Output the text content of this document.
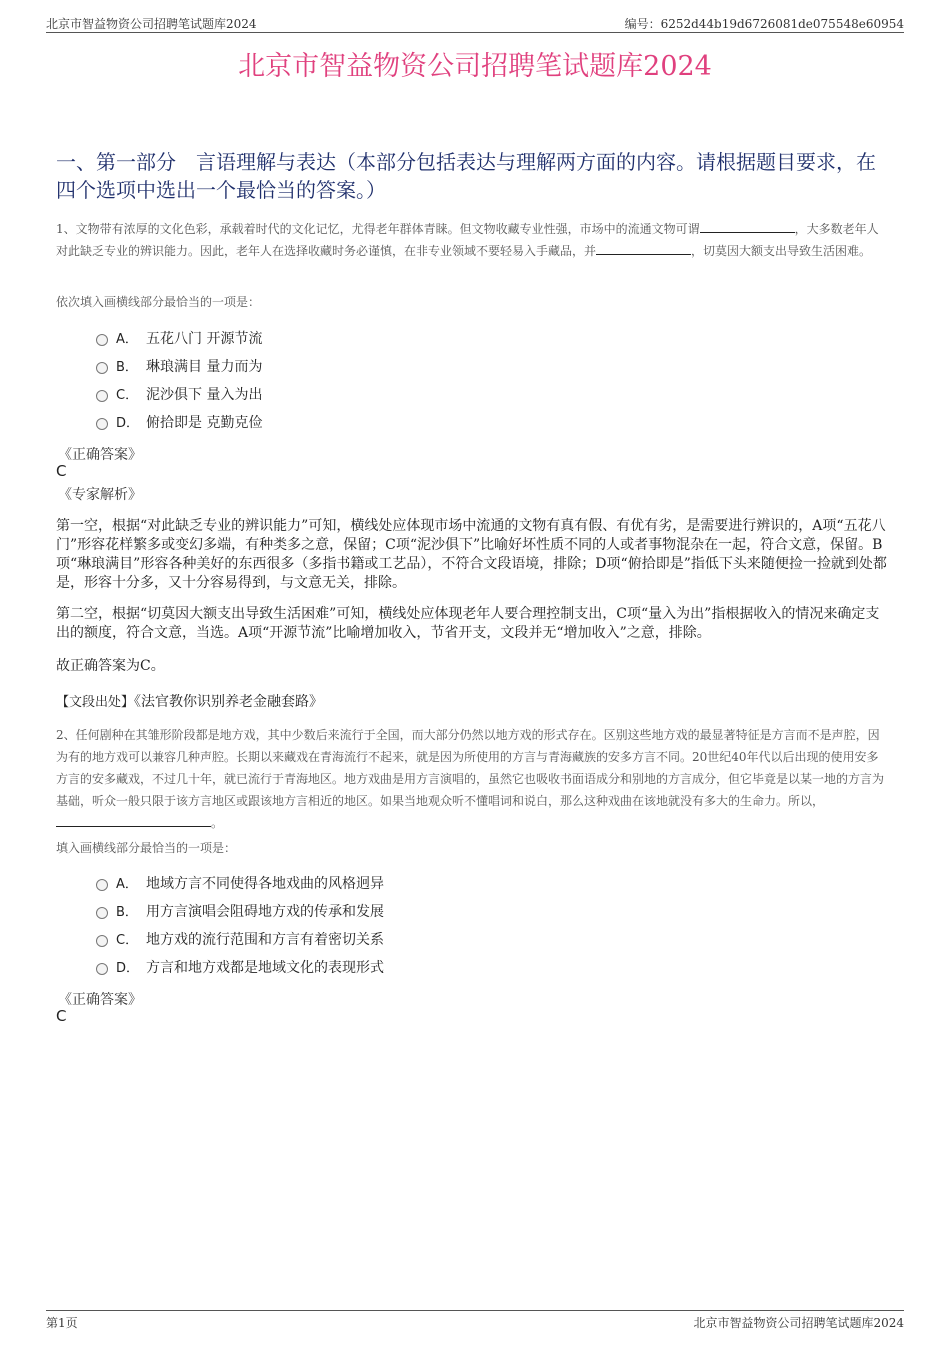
北京市智益物资公司招聘笔试题库2024	编号：6252d44b19d6726081de075548e60954
北京市智益物资公司招聘笔试题库2024
一、第一部分　言语理解与表达（本部分包括表达与理解两方面的内容。请根据题目要求，在四个选项中选出一个最恰当的答案。）
1、文物带有浓厚的文化色彩，承载着时代的文化记忆，尤得老年群体青睐。但文物收藏专业性强，市场中的流通文物可谓	，大多数老年人对此缺乏专业的辨识能力。因此，老年人在选择收藏时务必谨慎，在非专业领域不要轻易入手藏品，并	，切莫因大额支出导致生活困难。
依次填入画横线部分最恰当的一项是：
A． 五花八门 开源节流
B． 琳琅满目 量力而为
C． 泥沙俱下 量入为出
D． 俯拾即是 克勤克俭
《正确答案》
C
《专家解析》
第一空，根据“对此缺乏专业的辨识能力”可知，横线处应体现市场中流通的文物有真有假、有优有劣，是需要进行辨识的，A项“五花八门”形容花样繁多或变幻多端，有种类多之意，保留；C项“泥沙俱下”比喻好坏性质不同的人或者事物混杂在一起，符合文意，保留。B项“琳琅满目”形容各种美好的东西很多（多指书籍或工艺品），不符合文段语境，排除；D项“俯拾即是”指低下头来随便捡一捡就到处都是，形容十分多，又十分容易得到，与文意无关，排除。
第二空，根据“切莫因大额支出导致生活困难”可知，横线处应体现老年人要合理控制支出，C项“量入为出”指根据收入的情况来确定支出的额度，符合文意，当选。A项“开源节流”比喻增加收入，节省开支，文段并无“增加收入”之意，排除。
故正确答案为C。
【文段出处】《法官教你识别养老金融套路》
2、任何剧种在其雏形阶段都是地方戏，其中少数后来流行于全国，而大部分仍然以地方戏的形式存在。区别这些地方戏的最显著特征是方言而不是声腔，因为有的地方戏可以兼容几种声腔。长期以来藏戏在青海流行不起来，就是因为所使用的方言与青海藏族的安多方言不同。20世纪40年代以后出现的使用安多方言的安多藏戏，不过几十年，就已流行于青海地区。地方戏曲是用方言演唱的，虽然它也吸收书面语成分和别地的方言成分，但它毕竟是以某一地的方言为基础，听众一般只限于该方言地区或跟该地方言相近的地区。如果当地观众听不懂唱词和说白，那么这种戏曲在该地就没有多大的生命力。所以，。
填入画横线部分最恰当的一项是：
A． 地域方言不同使得各地戏曲的风格迥异
B． 用方言演唱会阻碍地方戏的传承和发展
C． 地方戏的流行范围和方言有着密切关系
D． 方言和地方戏都是地域文化的表现形式
《正确答案》
C
第1页	北京市智益物资公司招聘笔试题库2024
